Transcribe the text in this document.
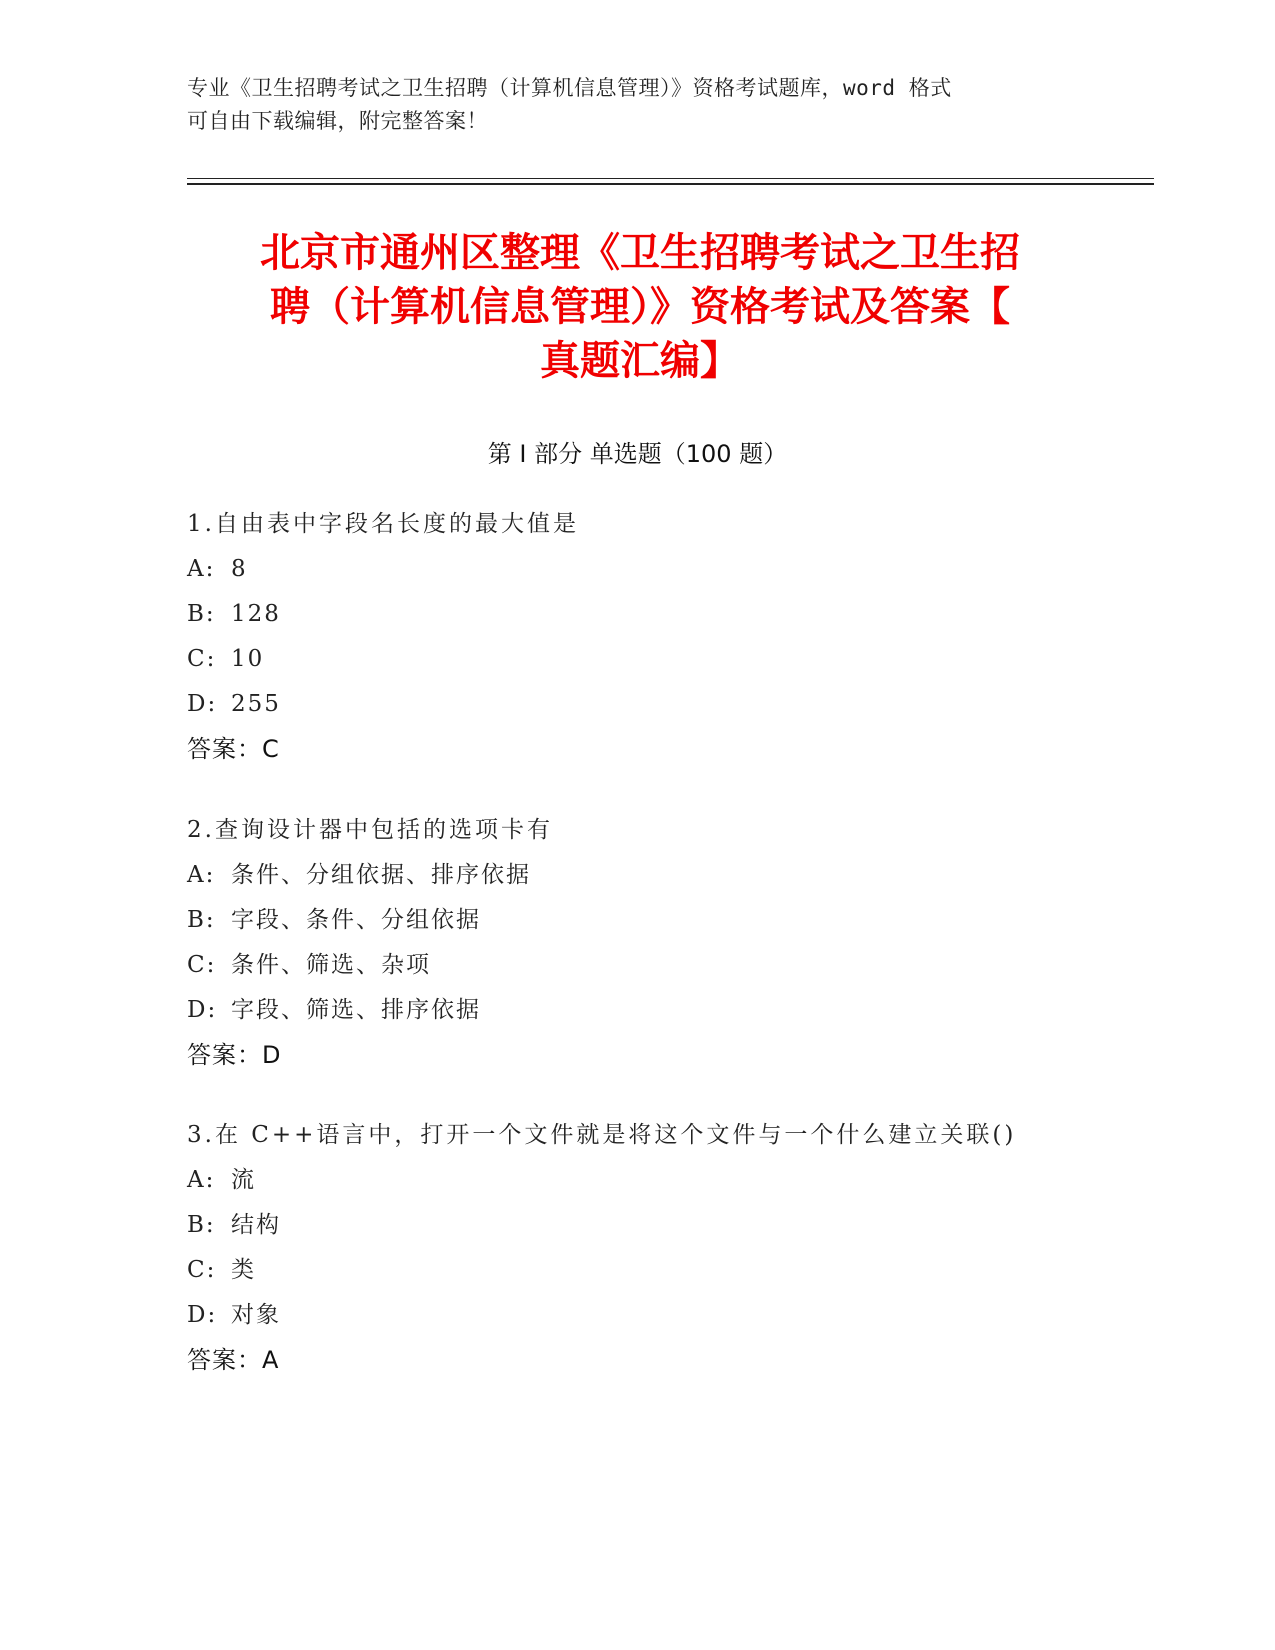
专业《卫生招聘考试之卫生招聘（计算机信息管理）》资格考试题库，word 格式
可自由下载编辑，附完整答案！
北京市通州区整理《卫生招聘考试之卫生招
聘（计算机信息管理）》资格考试及答案【
真题汇编】
第 I 部分 单选题（100 题）
1.自由表中字段名长度的最大值是
A: 8
B: 128
C: 10
D: 255
答案：C
2.查询设计器中包括的选项卡有
A: 条件、分组依据、排序依据
B: 字段、条件、分组依据
C: 条件、筛选、杂项
D: 字段、筛选、排序依据
答案：D
3.在 C++语言中，打开一个文件就是将这个文件与一个什么建立关联()
A: 流
B: 结构
C: 类
D: 对象
答案：A
